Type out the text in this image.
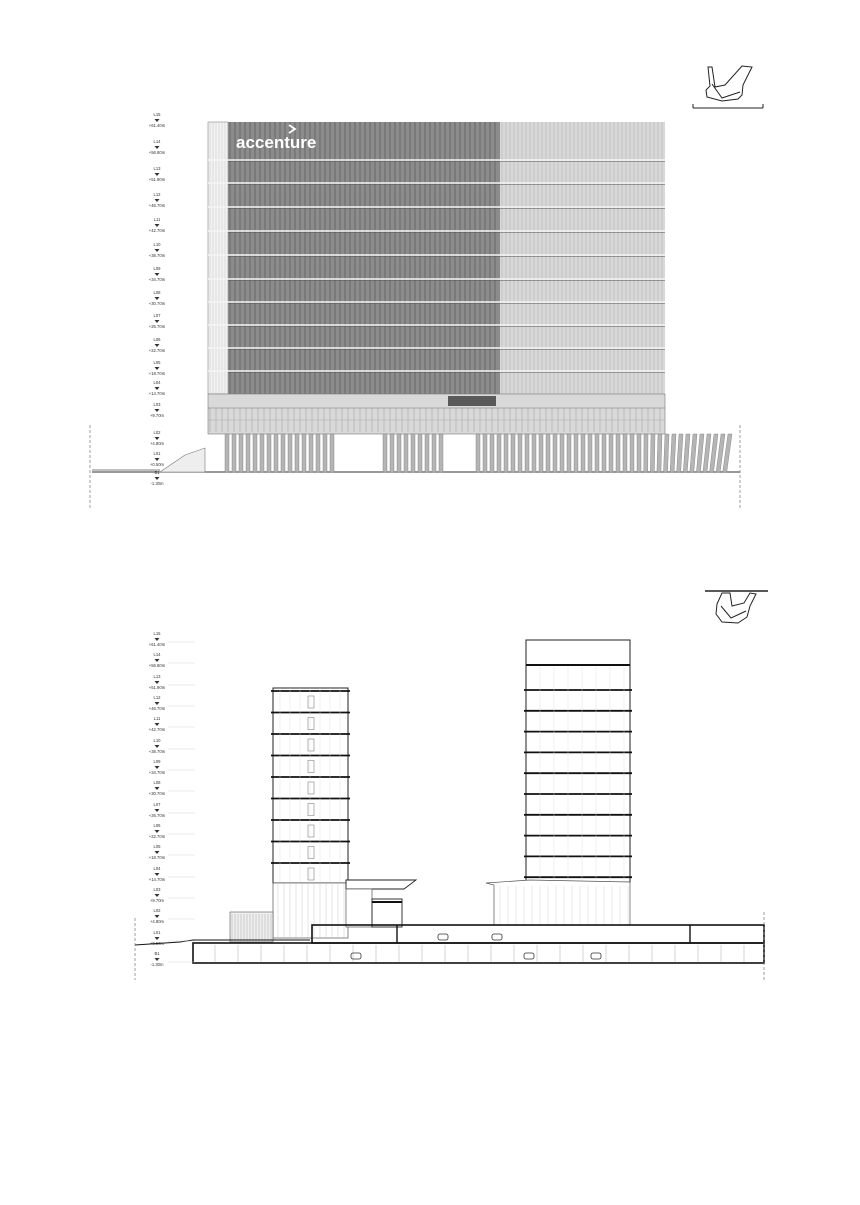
accenture
L15
+61.40m
L14
+56.80m
L13
+51.90m
L12
+46.70m
L11
+42.70m
L10
+38.70m
L09
+34.70m
L08
+30.70m
L07
+26.70m
L06
+22.70m
L05
+18.70m
L04
+14.70m
L03
+9.70m
L02
+4.80m
L01
+0.50m
B1
-1.30m
L15
+61.40m
L14
+56.80m
L13
+51.90m
L12
+46.70m
L11
+42.70m
L10
+38.70m
L09
+34.70m
L08
+30.70m
L07
+26.70m
L06
+22.70m
L05
+18.70m
L04
+14.70m
L03
+9.70m
L02
+4.80m
L01
+0.50m
B1
-1.30m
